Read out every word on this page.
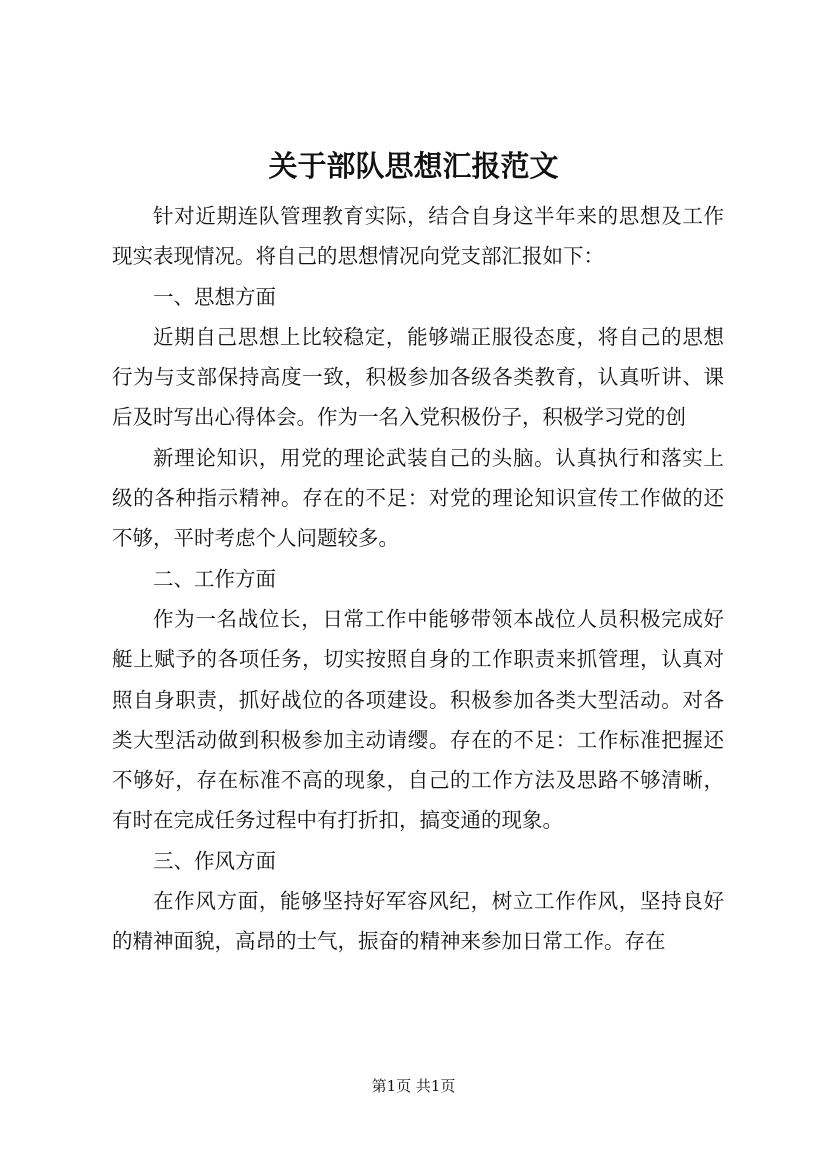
关于部队思想汇报范文

针对近期连队管理教育实际，结合自身这半年来的思想及工作现实表现情况。将自己的思想情况向党支部汇报如下：

一、思想方面

近期自己思想上比较稳定，能够端正服役态度，将自己的思想行为与支部保持高度一致，积极参加各级各类教育，认真听讲、课后及时写出心得体会。作为一名入党积极份子，积极学习党的创

新理论知识，用党的理论武装自己的头脑。认真执行和落实上级的各种指示精神。存在的不足：对党的理论知识宣传工作做的还不够，平时考虑个人问题较多。

二、工作方面

作为一名战位长，日常工作中能够带领本战位人员积极完成好艇上赋予的各项任务，切实按照自身的工作职责来抓管理，认真对照自身职责，抓好战位的各项建设。积极参加各类大型活动。对各类大型活动做到积极参加主动请缨。存在的不足：工作标准把握还不够好，存在标准不高的现象，自己的工作方法及思路不够清晰，有时在完成任务过程中有打折扣，搞变通的现象。

三、作风方面

在作风方面，能够坚持好军容风纪，树立工作作风，坚持良好的精神面貌，高昂的士气，振奋的精神来参加日常工作。存在

第1页 共1页
